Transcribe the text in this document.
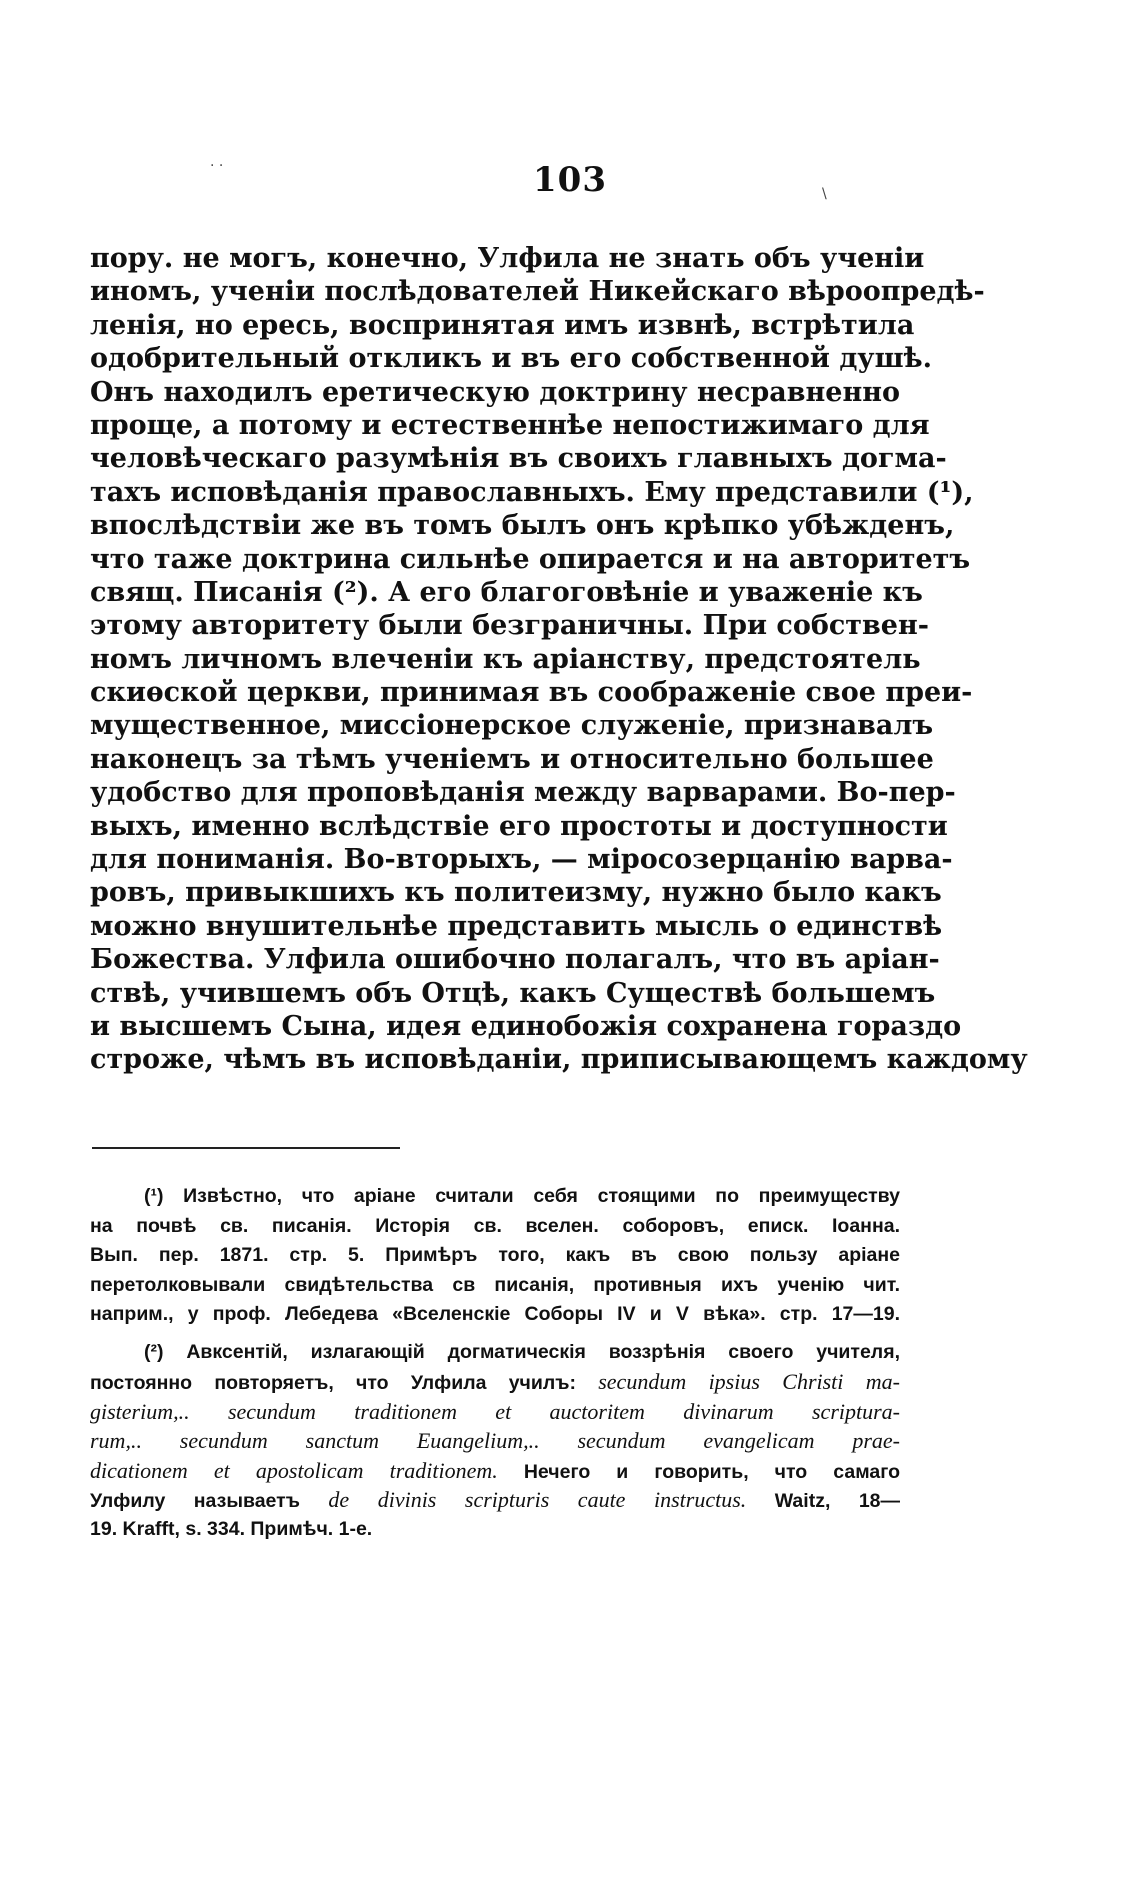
· ·
\
103
пору. не могъ, конечно, Улфила не знать объ ученіи
иномъ, ученіи послѣдователей Никейскаго вѣроопредѣ-
ленія, но ересь, воспринятая имъ извнѣ, встрѣтила
одобрительный откликъ и въ его собственной душѣ.
Онъ находилъ еретическую доктрину несравненно
проще, а потому и естественнѣе непостижимаго для
человѣческаго разумѣнія въ своихъ главныхъ догма-
тахъ исповѣданія православныхъ. Ему представили (¹),
впослѣдствіи же въ томъ былъ онъ крѣпко убѣжденъ,
что таже доктрина сильнѣе опирается и на авторитетъ
свящ. Писанія (²). А его благоговѣніе и уваженіе къ
этому авторитету были безграничны. При собствен-
номъ личномъ влеченіи къ аріанству, предстоятель
скиѳской церкви, принимая въ соображеніе свое преи-
мущественное, миссіонерское служеніе, признавалъ
наконецъ за тѣмъ ученіемъ и относительно большее
удобство для проповѣданія между варварами. Во-пер-
выхъ, именно вслѣдствіе его простоты и доступности
для пониманія. Во-вторыхъ, — міросозерцанію варва-
ровъ, привыкшихъ къ политеизму, нужно было какъ
можно внушительнѣе представить мысль о единствѣ
Божества. Улфила ошибочно полагалъ, что въ аріан-
ствѣ, учившемъ объ Отцѣ, какъ Существѣ большемъ
и высшемъ Сына, идея единобожія сохранена гораздо
строже, чѣмъ въ исповѣданіи, приписывающемъ каждому
(¹) Извѣстно, что аріане считали себя стоящими по преимуществу
на почвѣ св. писанія. Исторія св. вселен. соборовъ, еписк. Іоанна.
Вып. пер. 1871. стр. 5. Примѣръ того, какъ въ свою пользу аріане
перетолковывали свидѣтельства св писанія, противныя ихъ ученію чит.
наприм., у проф. Лебедева «Вселенскіе Соборы IV и V вѣка». стр. 17—19.
(²) Авксентій, излагающій догматическія воззрѣнія своего учителя,
постоянно повторяетъ, что Улфила училъ: secundum ipsius Christi ma-
gisterium,.. secundum traditionem et auctoritem divinarum scriptura-
rum,.. secundum sanctum Euangelium,.. secundum evangelicam prae-
dicationem et apostolicam traditionem. Нечего и говорить, что самаго
Улфилу называетъ de divinis scripturis caute instructus. Waitz, 18—
19. Krafft, s. 334. Примѣч. 1-е.
